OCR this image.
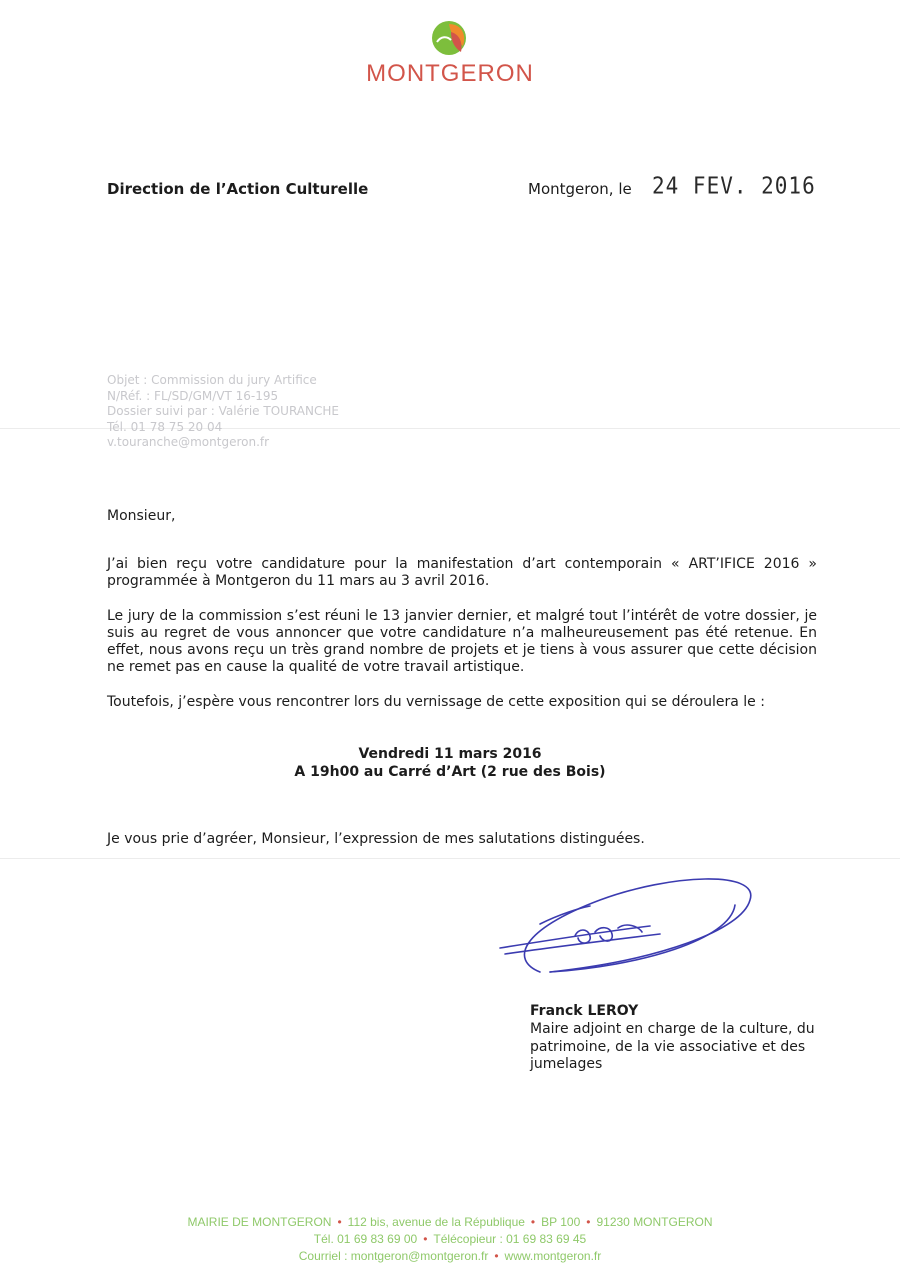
MONTGERON
Direction de l’Action Culturelle	Montgeron, le 24 FEV. 2016
Objet : Commission du jury Artifice
N/Réf. : FL/SD/GM/VT 16-195
Dossier suivi par : Valérie TOURANCHE
Tél. 01 78 75 20 04
v.touranche@montgeron.fr
Monsieur,
J’ai bien reçu votre candidature pour la manifestation d’art contemporain « ART’IFICE 2016 » programmée à Montgeron du 11 mars au 3 avril 2016.
Le jury de la commission s’est réuni le 13 janvier dernier, et malgré tout l’intérêt de votre dossier, je suis au regret de vous annoncer que votre candidature n’a malheureusement pas été retenue. En effet, nous avons reçu un très grand nombre de projets et je tiens à vous assurer que cette décision ne remet pas en cause la qualité de votre travail artistique.
Toutefois, j’espère vous rencontrer lors du vernissage de cette exposition qui se déroulera le :
Vendredi 11 mars 2016
A 19h00 au Carré d’Art (2 rue des Bois)
Je vous prie d’agréer, Monsieur, l’expression de mes salutations distinguées.
Franck LEROY
Maire adjoint en charge de la culture, du patrimoine, de la vie associative et des jumelages
MAIRIE DE MONTGERON • 112 bis, avenue de la République • BP 100 • 91230 MONTGERON
Tél. 01 69 83 69 00 • Télécopieur : 01 69 83 69 45
Courriel : montgeron@montgeron.fr • www.montgeron.fr
